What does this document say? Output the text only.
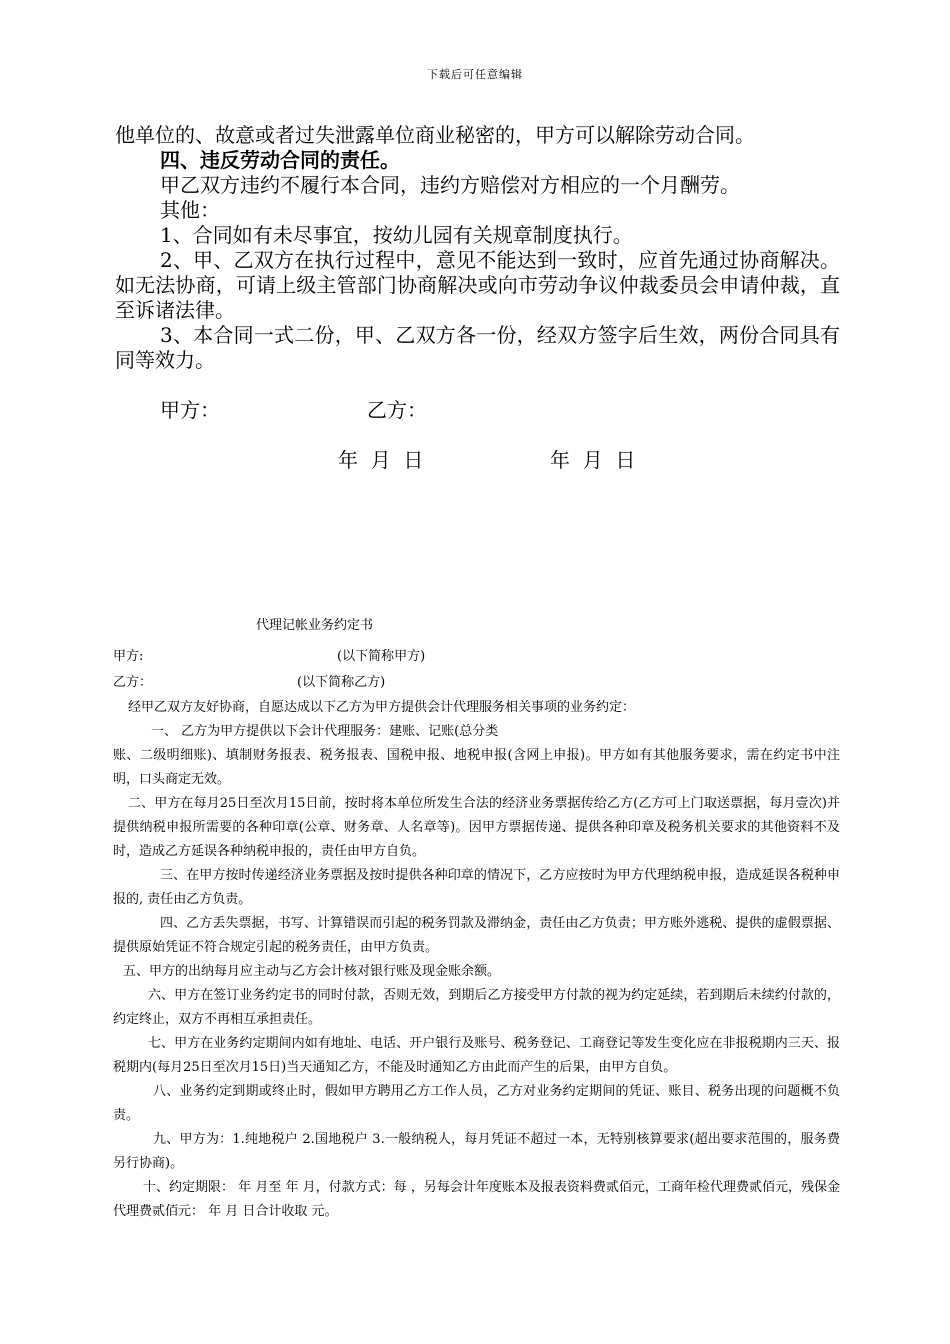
下载后可任意编辑

他单位的、故意或者过失泄露单位商业秘密的，甲方可以解除劳动合同。

四、违反劳动合同的责任。

甲乙双方违约不履行本合同，违约方赔偿对方相应的一个月酬劳。

其他：

1、合同如有未尽事宜，按幼儿园有关规章制度执行。

2、甲、乙双方在执行过程中，意见不能达到一致时，应首先通过协商解决。如无法协商，可请上级主管部门协商解决或向市劳动争议仲裁委员会申请仲裁，直至诉诸法律。

3、本合同一式二份，甲、乙双方各一份，经双方签字后生效，两份合同具有同等效力。

甲方：	乙方：
年  月  日	年  月  日
代理记帐业务约定书
甲方:	(以下简称甲方)
乙方：	(以下简称乙方)

经甲乙双方友好协商，自愿达成以下乙方为甲方提供会计代理服务相关事项的业务约定：

一、 乙方为甲方提供以下会计代理服务：建账、记账(总分类

账、二级明细账)、填制财务报表、税务报表、国税申报、地税申报(含网上申报)。甲方如有其他服务要求，需在约定书中注明，口头商定无效。

二、甲方在每月25日至次月15日前，按时将本单位所发生合法的经济业务票据传给乙方(乙方可上门取送票据，每月壹次)并提供纳税申报所需要的各种印章(公章、财务章、人名章等)。因甲方票据传递、提供各种印章及税务机关要求的其他资料不及时，造成乙方延误各种纳税申报的，责任由甲方自负。

三、在甲方按时传递经济业务票据及按时提供各种印章的情况下，乙方应按时为甲方代理纳税申报，造成延误各税种申报的, 责任由乙方负责。

四、乙方丢失票据，书写、计算错误而引起的税务罚款及滞纳金，责任由乙方负责；甲方账外逃税、提供的虚假票据、提供原始凭证不符合规定引起的税务责任，由甲方负责。

五、甲方的出纳每月应主动与乙方会计核对银行账及现金账余额。

六、甲方在签订业务约定书的同时付款，否则无效，到期后乙方接受甲方付款的视为约定延续，若到期后未续约付款的，约定终止，双方不再相互承担责任。

七、甲方在业务约定期间内如有地址、电话、开户银行及账号、税务登记、工商登记等发生变化应在非报税期内三天、报税期内(每月25日至次月15日)当天通知乙方，不能及时通知乙方由此而产生的后果，由甲方自负。

八、业务约定到期或终止时，假如甲方聘用乙方工作人员，乙方对业务约定期间的凭证、账目、税务出现的问题概不负责。

九、甲方为：1.纯地税户 2.国地税户 3.一般纳税人，每月凭证不超过一本，无特别核算要求(超出要求范围的，服务费另行协商)。

十、约定期限： 年 月至 年 月，付款方式：每 ，另每会计年度账本及报表资料费贰佰元，工商年检代理费贰佰元，残保金代理费贰佰元： 年 月 日合计收取 元。
